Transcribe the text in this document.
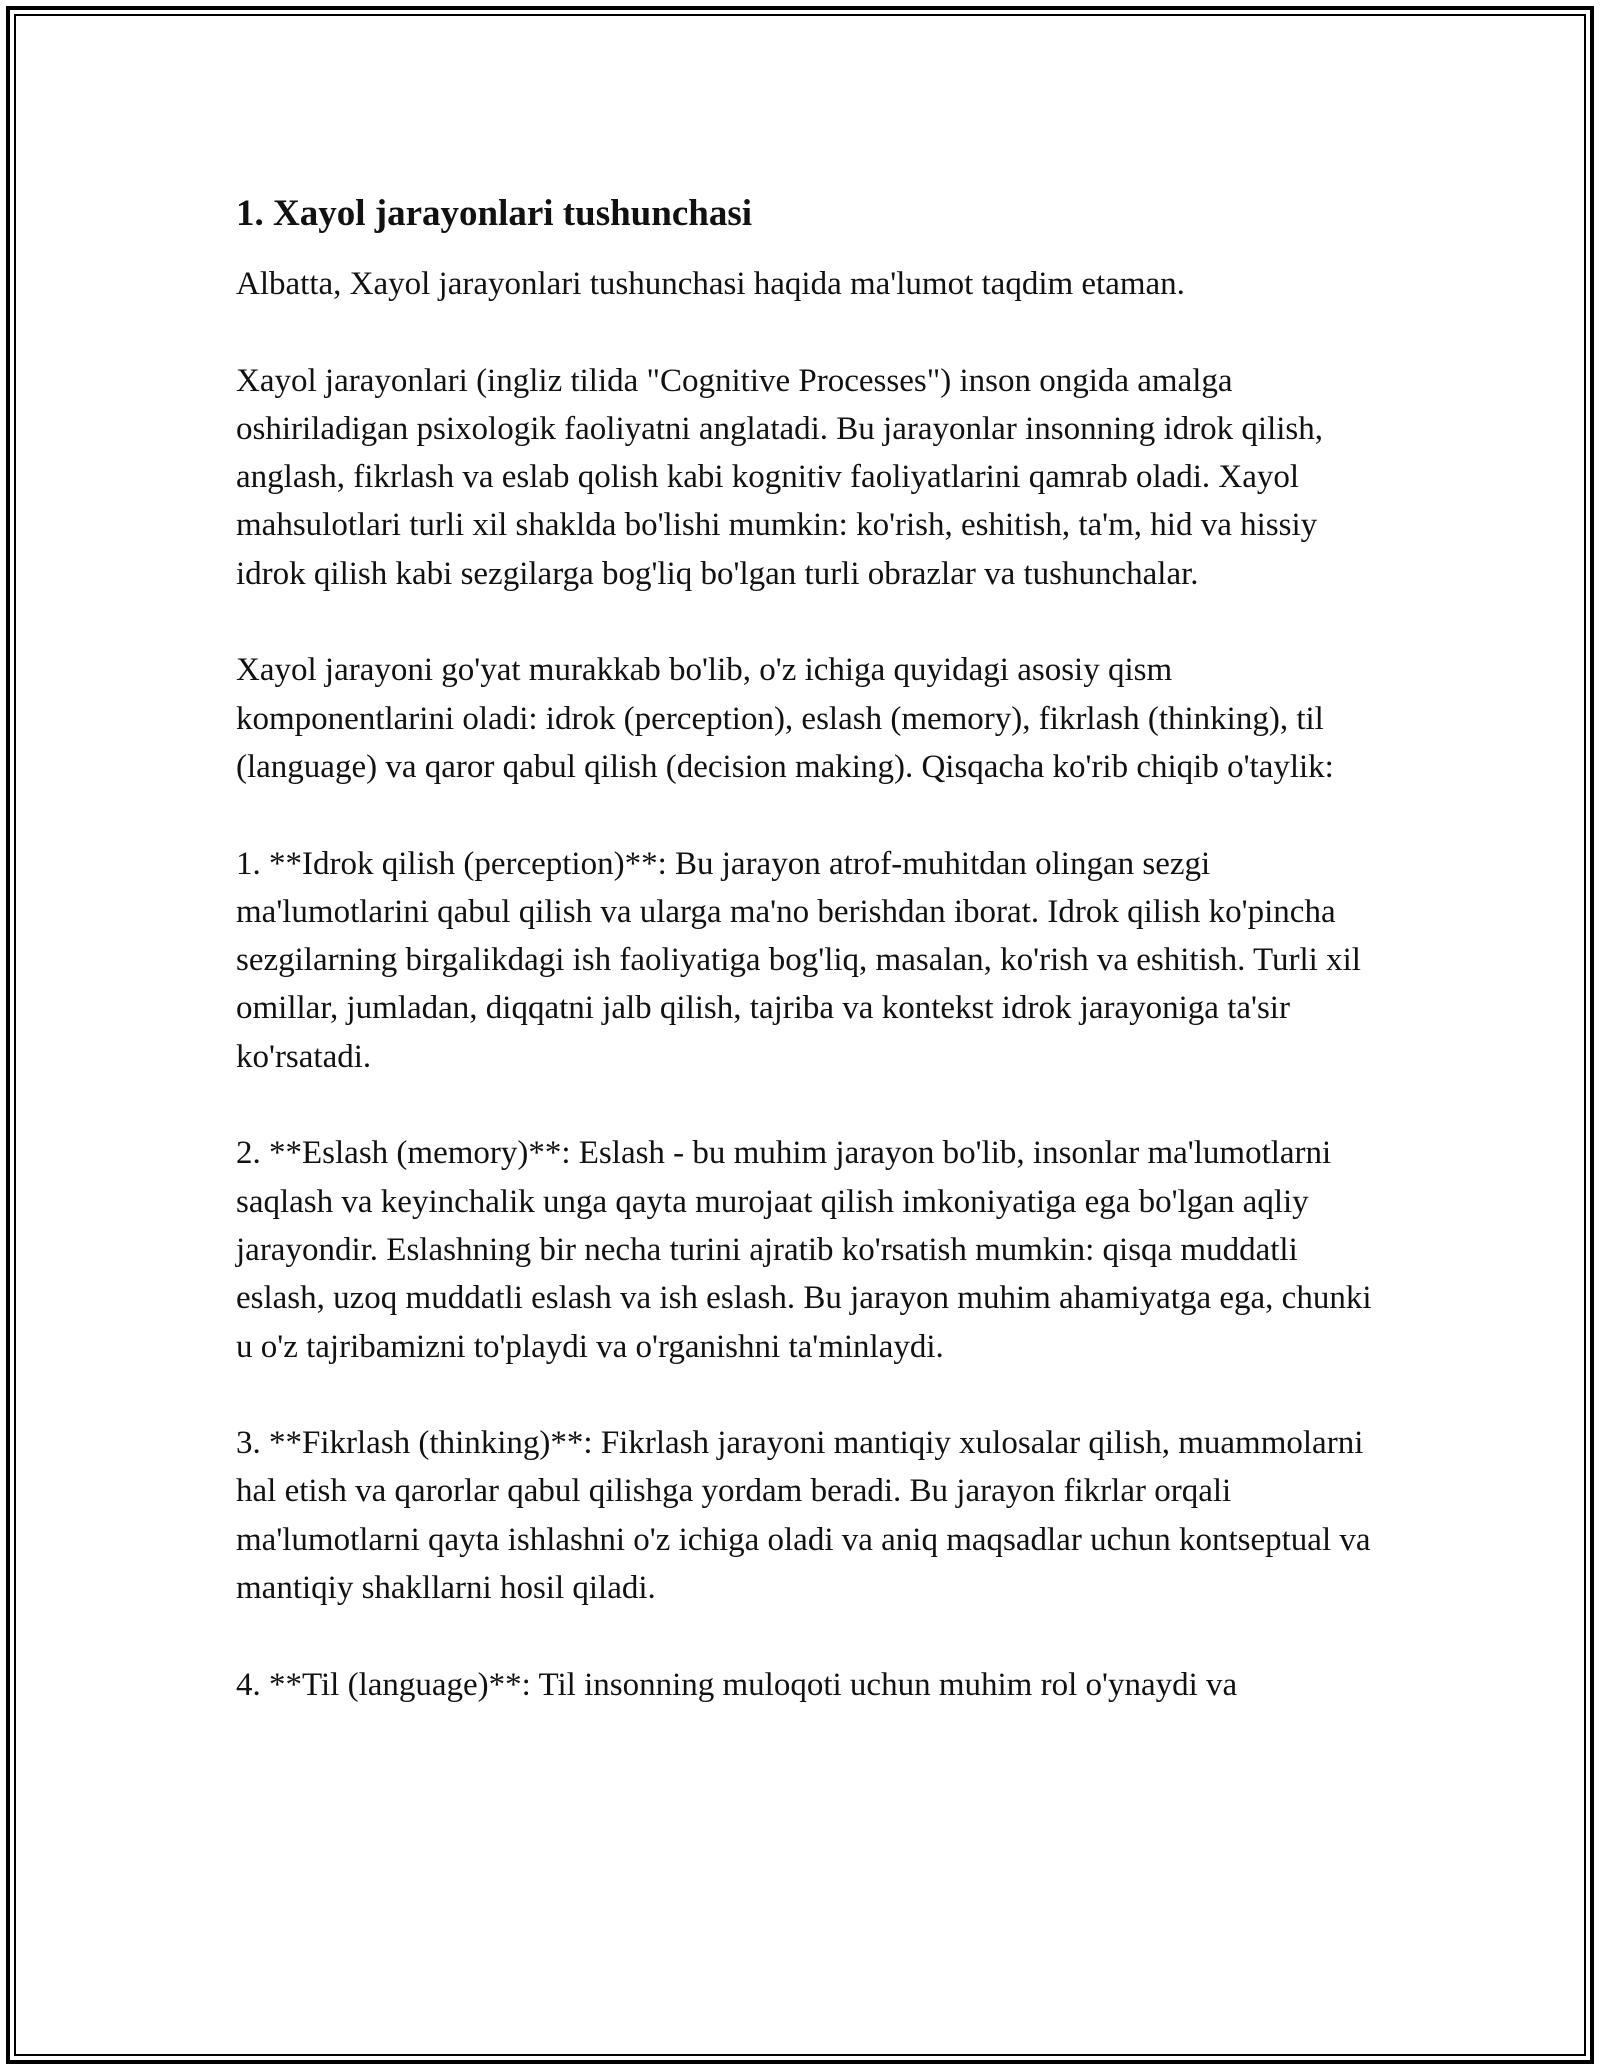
1. Xayol jarayonlari tushunchasi

Albatta, Xayol jarayonlari tushunchasi haqida ma'lumot taqdim etaman.

Xayol jarayonlari (ingliz tilida "Cognitive Processes") inson ongida amalga oshiriladigan psixologik faoliyatni anglatadi. Bu jarayonlar insonning idrok qilish, anglash, fikrlash va eslab qolish kabi kognitiv faoliyatlarini qamrab oladi. Xayol mahsulotlari turli xil shaklda bo'lishi mumkin: ko'rish, eshitish, ta'm, hid va hissiy idrok qilish kabi sezgilarga bog'liq bo'lgan turli obrazlar va tushunchalar.

Xayol jarayoni go'yat murakkab bo'lib, o'z ichiga quyidagi asosiy qism komponentlarini oladi: idrok (perception), eslash (memory), fikrlash (thinking), til (language) va qaror qabul qilish (decision making). Qisqacha ko'rib chiqib o'taylik:

1. **Idrok qilish (perception)**: Bu jarayon atrof-muhitdan olingan sezgi ma'lumotlarini qabul qilish va ularga ma'no berishdan iborat. Idrok qilish ko'pincha sezgilarning birgalikdagi ish faoliyatiga bog'liq, masalan, ko'rish va eshitish. Turli xil omillar, jumladan, diqqatni jalb qilish, tajriba va kontekst idrok jarayoniga ta'sir ko'rsatadi.

2. **Eslash (memory)**: Eslash - bu muhim jarayon bo'lib, insonlar ma'lumotlarni saqlash va keyinchalik unga qayta murojaat qilish imkoniyatiga ega bo'lgan aqliy jarayondir. Eslashning bir necha turini ajratib ko'rsatish mumkin: qisqa muddatli eslash, uzoq muddatli eslash va ish eslash. Bu jarayon muhim ahamiyatga ega, chunki u o'z tajribamizni to'playdi va o'rganishni ta'minlaydi.

3. **Fikrlash (thinking)**: Fikrlash jarayoni mantiqiy xulosalar qilish, muammolarni hal etish va qarorlar qabul qilishga yordam beradi. Bu jarayon fikrlar orqali ma'lumotlarni qayta ishlashni o'z ichiga oladi va aniq maqsadlar uchun kontseptual va mantiqiy shakllarni hosil qiladi.

4. **Til (language)**: Til insonning muloqoti uchun muhim rol o'ynaydi va
